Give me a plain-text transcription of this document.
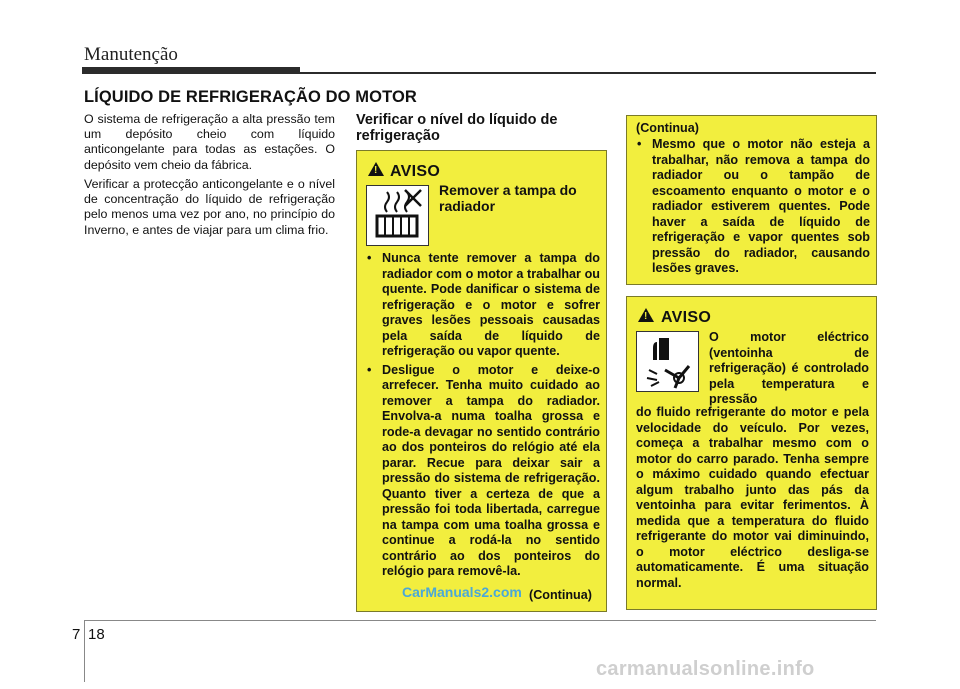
Manutenção
LÍQUIDO DE REFRIGERAÇÃO DO MOTOR
O sistema de refrigeração a alta pressão tem um depósito cheio com líquido anticongelante para todas as estações. O depósito vem cheio da fábrica.
Verificar a protecção anticongelante e o nível de concentração do líquido de refrigeração pelo menos uma vez por ano, no princípio do Inverno, e antes de viajar para um clima frio.
Verificar o nível do líquido de refrigeração
!
AVISO
Remover a tampa do radiador
• Nunca tente remover a tampa do radiador com o motor a trabalhar ou quente. Pode danificar o sistema de refrigeração e o motor e sofrer graves lesões pessoais causadas pela saída de líquido de refrigeração ou vapor quente.
• Desligue o motor e deixe-o arrefecer. Tenha muito cuidado ao remover a tampa do radiador. Envolva-a numa toalha grossa e rode-a devagar no sentido contrário ao dos ponteiros do relógio até ela parar. Recue para deixar sair a pressão do sistema de refrigeração. Quanto tiver a certeza de que a pressão foi toda libertada, carregue na tampa com uma toalha grossa e continue a rodá-la no sentido contrário ao dos ponteiros do relógio para removê-la.
(Continua)
(Continua)
• Mesmo que o motor não esteja a trabalhar, não remova a tampa do radiador ou o tampão de escoamento enquanto o motor e o radiador estiverem quentes. Pode haver a saída de líquido de refrigeração e vapor quentes sob pressão do radiador, causando lesões graves.
!
AVISO
O motor eléctrico (ventoinha de refrigeração) é controlado pela temperatura e pressão
do fluido refrigerante do motor e pela velocidade do veículo. Por vezes, começa a trabalhar mesmo com o motor do carro parado. Tenha sempre o máximo cuidado quando efectuar algum trabalho junto das pás da ventoinha para evitar ferimentos. À medida que a temperatura do fluido refrigerante do motor vai diminuindo, o motor eléctrico desliga-se automaticamente. É uma situação normal.
7 18
CarManuals2.com
carmanualsonline.info
